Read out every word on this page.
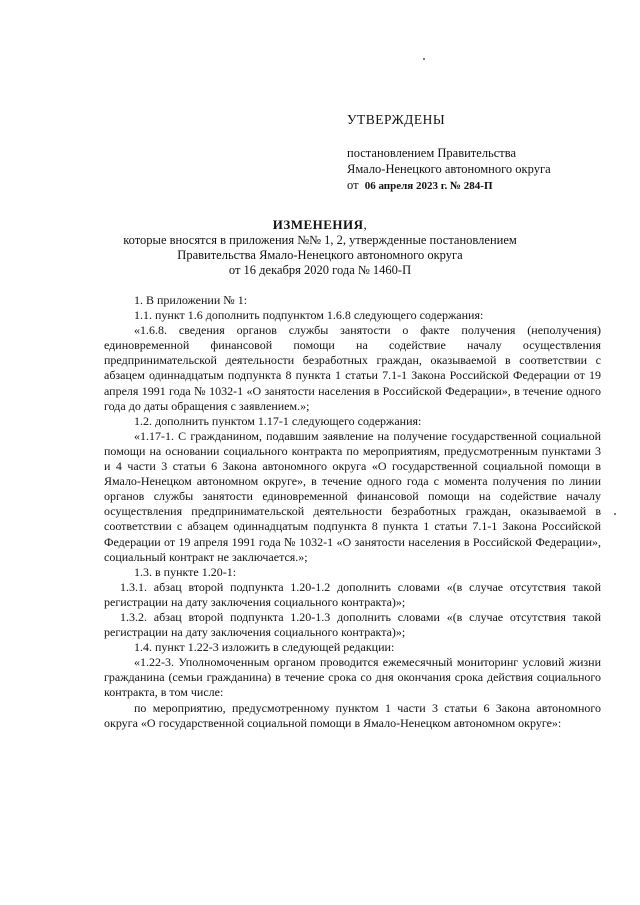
УТВЕРЖДЕНЫ
постановлением Правительства
Ямало-Ненецкого автономного округа
от 06 апреля 2023 г. № 284-П
ИЗМЕНЕНИЯ,
которые вносятся в приложения №№ 1, 2, утвержденные постановлением
Правительства Ямало-Ненецкого автономного округа
от 16 декабря 2020 года № 1460-П

1. В приложении № 1:

1.1. пункт 1.6 дополнить подпунктом 1.6.8 следующего содержания:

«1.6.8. сведения органов службы занятости о факте получения (неполучения) единовременной финансовой помощи на содействие началу осуществления предпринимательской деятельности безработных граждан, оказываемой в соответствии с абзацем одиннадцатым подпункта 8 пункта 1 статьи 7.1-1 Закона Российской Федерации от 19 апреля 1991 года № 1032-1 «О занятости населения в Российской Федерации», в течение одного года до даты обращения с заявлением.»;

1.2. дополнить пунктом 1.17-1 следующего содержания:

«1.17-1. С гражданином, подавшим заявление на получение государственной социальной помощи на основании социального контракта по мероприятиям, предусмотренным пунктами 3 и 4 части 3 статьи 6 Закона автономного округа «О государственной социальной помощи в Ямало-Ненецком автономном округе», в течение одного года с момента получения по линии органов службы занятости единовременной финансовой помощи на содействие началу осуществления предпринимательской деятельности безработных граждан, оказываемой в соответствии с абзацем одиннадцатым подпункта 8 пункта 1 статьи 7.1-1 Закона Российской Федерации от 19 апреля 1991 года № 1032-1 «О занятости населения в Российской Федерации», социальный контракт не заключается.»;

1.3. в пункте 1.20-1:

1.3.1. абзац второй подпункта 1.20-1.2 дополнить словами «(в случае отсутствия такой регистрации на дату заключения социального контракта)»;

1.3.2. абзац второй подпункта 1.20-1.3 дополнить словами «(в случае отсутствия такой регистрации на дату заключения социального контракта)»;

1.4. пункт 1.22-3 изложить в следующей редакции:

«1.22-3. Уполномоченным органом проводится ежемесячный мониторинг условий жизни гражданина (семьи гражданина) в течение срока со дня окончания срока действия социального контракта, в том числе:

по мероприятию, предусмотренному пунктом 1 части 3 статьи 6 Закона автономного округа «О государственной социальной помощи в Ямало-Ненецком автономном округе»:
